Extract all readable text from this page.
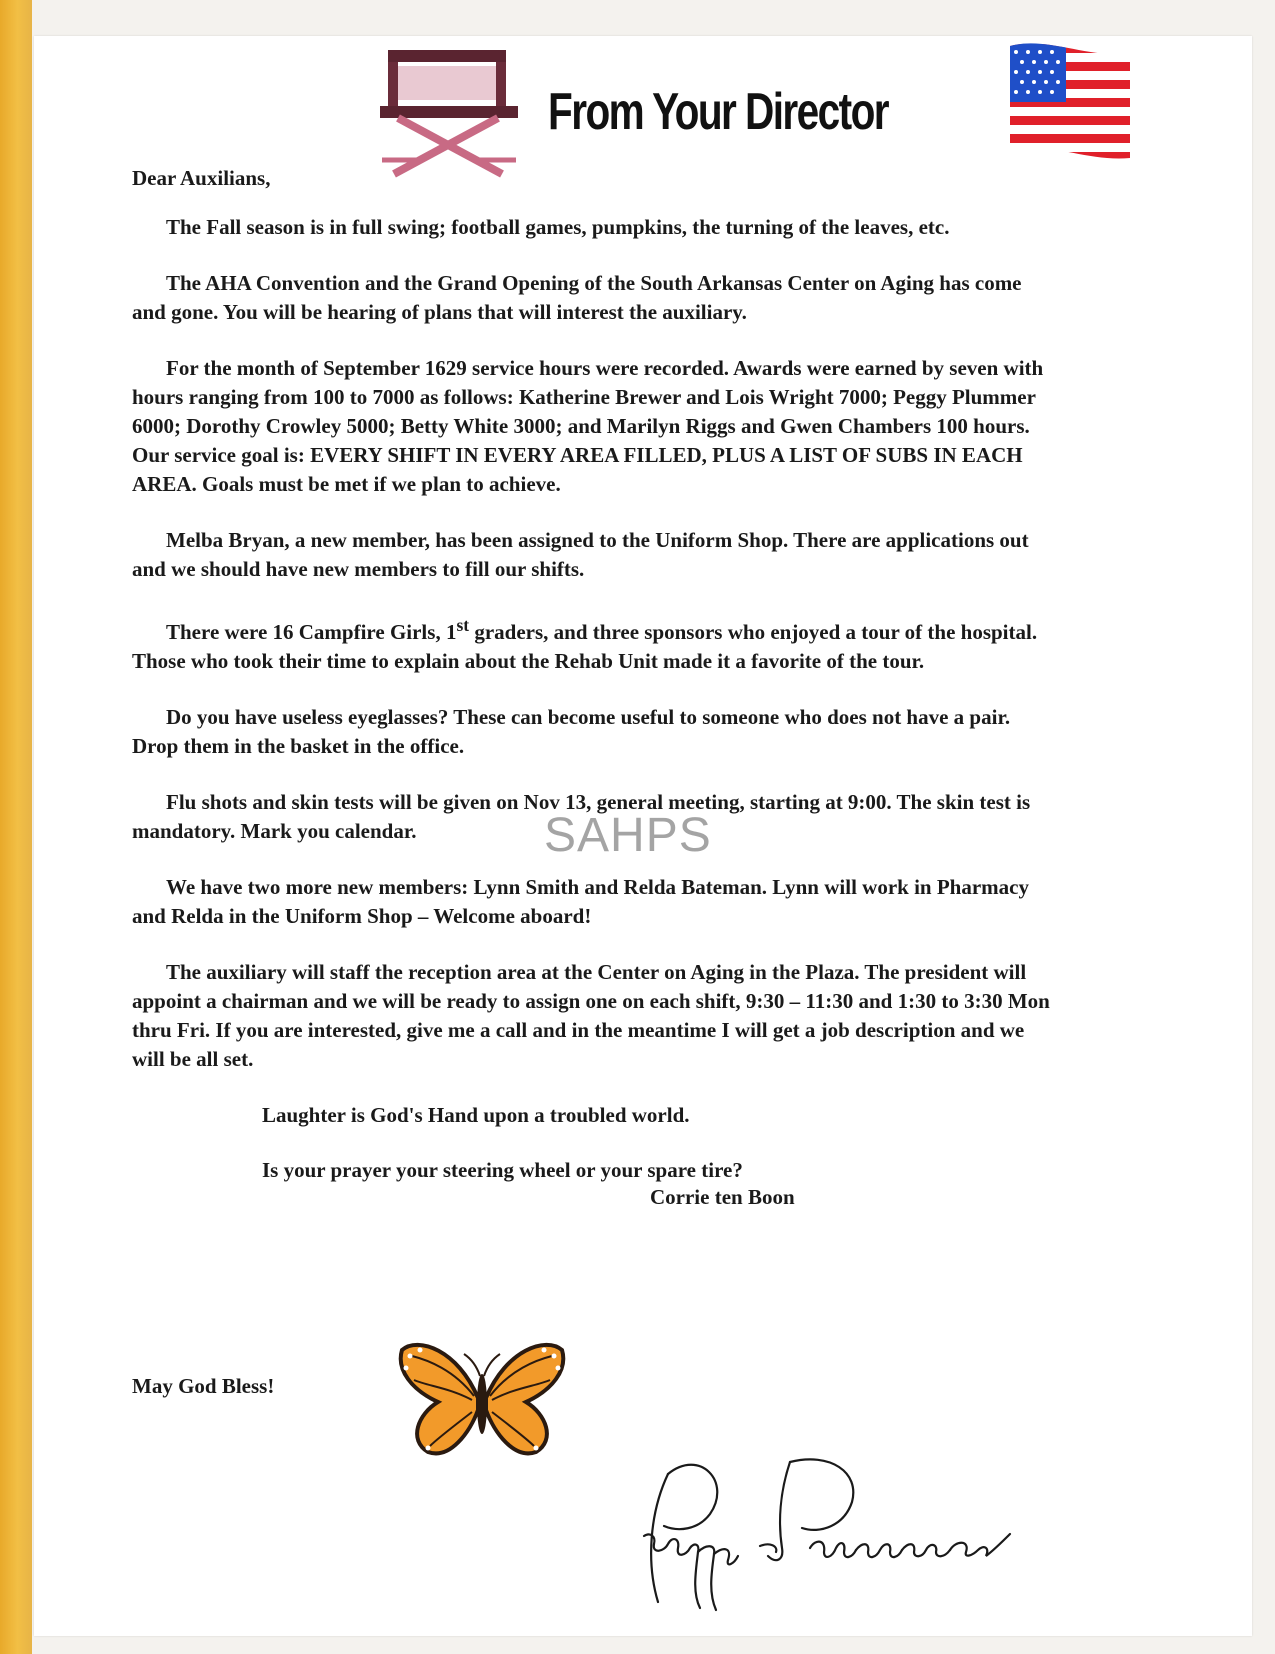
From Your Director

Dear Auxilians,

The Fall season is in full swing; football games, pumpkins, the turning of the leaves, etc.

The AHA Convention and the Grand Opening of the South Arkansas Center on Aging has come and gone. You will be hearing of plans that will interest the auxiliary.

For the month of September 1629 service hours were recorded. Awards were earned by seven with hours ranging from 100 to 7000 as follows: Katherine Brewer and Lois Wright 7000; Peggy Plummer 6000; Dorothy Crowley 5000; Betty White 3000; and Marilyn Riggs and Gwen Chambers 100 hours. Our service goal is: EVERY SHIFT IN EVERY AREA FILLED, PLUS A LIST OF SUBS IN EACH AREA. Goals must be met if we plan to achieve.

Melba Bryan, a new member, has been assigned to the Uniform Shop. There are applications out and we should have new members to fill our shifts.

There were 16 Campfire Girls, 1st graders, and three sponsors who enjoyed a tour of the hospital. Those who took their time to explain about the Rehab Unit made it a favorite of the tour.

Do you have useless eyeglasses? These can become useful to someone who does not have a pair. Drop them in the basket in the office.

Flu shots and skin tests will be given on Nov 13, general meeting, starting at 9:00. The skin test is mandatory. Mark you calendar.

We have two more new members: Lynn Smith and Relda Bateman. Lynn will work in Pharmacy and Relda in the Uniform Shop – Welcome aboard!

The auxiliary will staff the reception area at the Center on Aging in the Plaza. The president will appoint a chairman and we will be ready to assign one on each shift, 9:30 – 11:30 and 1:30 to 3:30 Mon thru Fri. If you are interested, give me a call and in the meantime I will get a job description and we will be all set.

Laughter is God's Hand upon a troubled world.

Is your prayer your steering wheel or your spare tire?

Corrie ten Boon

SAHPS

May God Bless!
